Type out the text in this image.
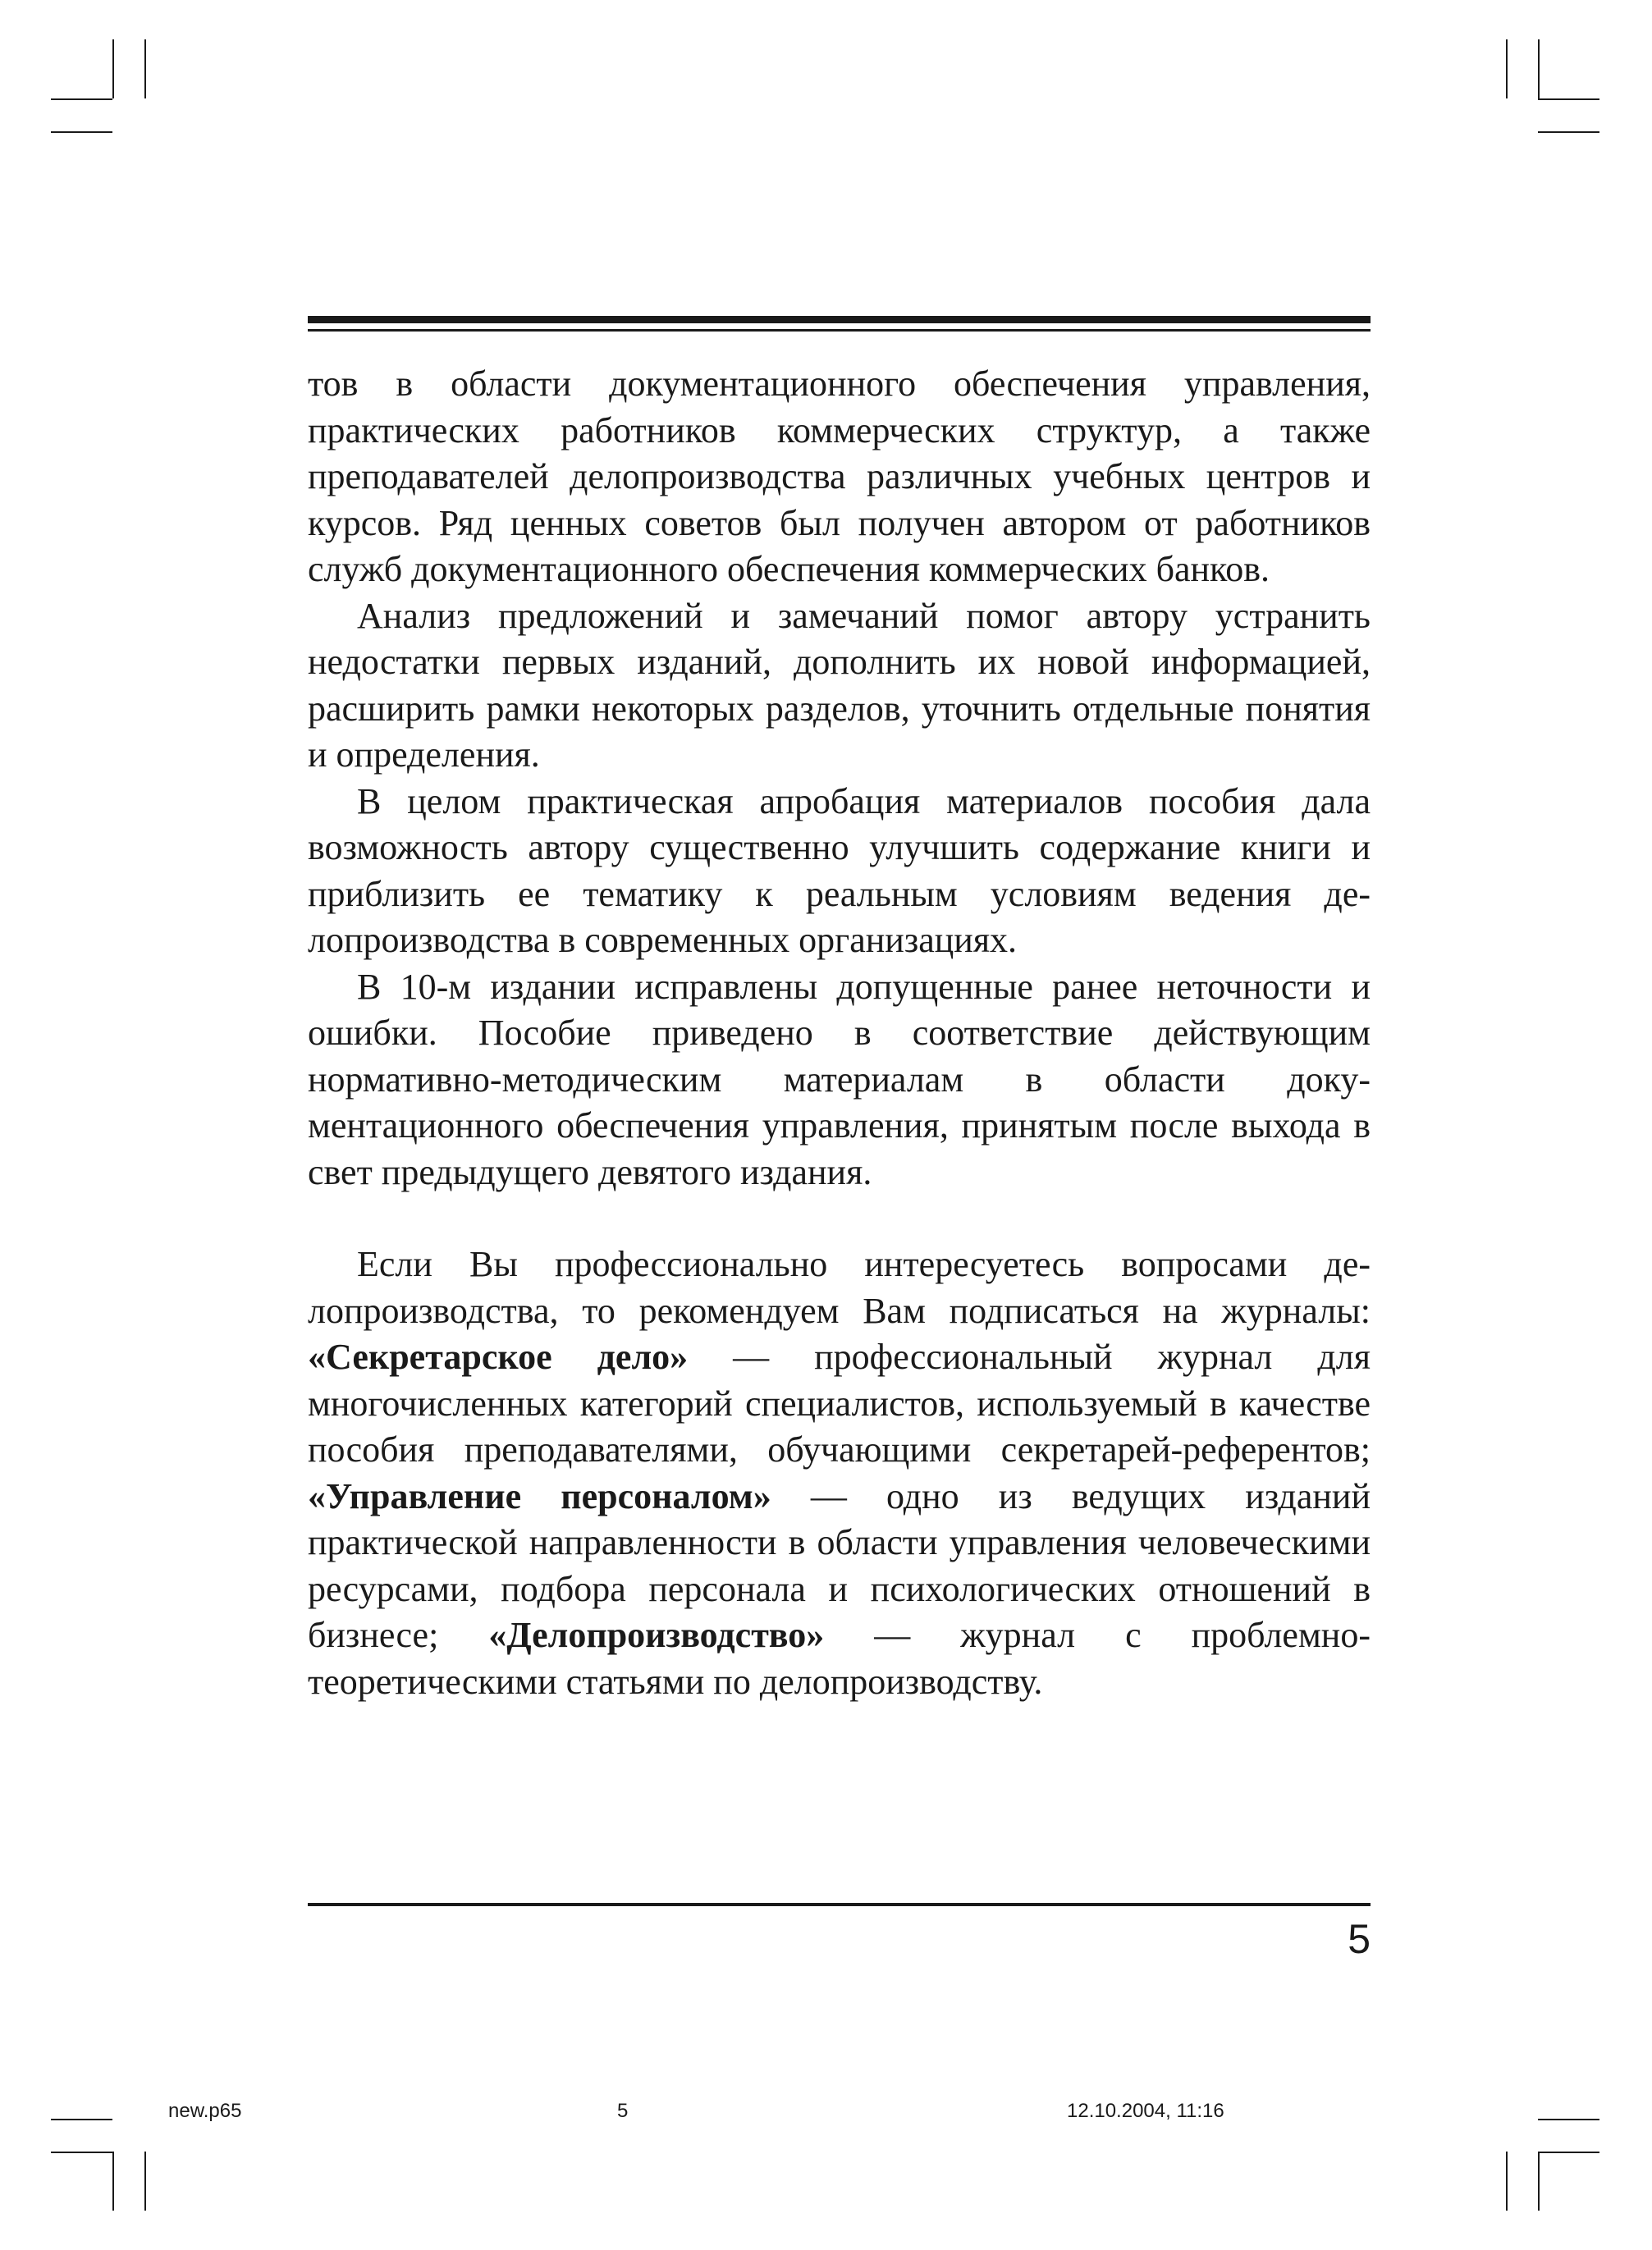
тов в области документационного обеспечения управления, практических работников коммерческих структур, а также преподавателей делопроизводства различных учебных центров и курсов. Ряд ценных советов был получен автором от работников служб документационного обеспечения коммерческих банков.

Анализ предложений и замечаний помог автору устранить недостатки первых изданий, дополнить их новой информацией, расширить рамки некоторых разделов, уточнить отдельные понятия и определения.

В целом практическая апробация материалов пособия дала возможность автору существенно улучшить содержание книги и приблизить ее тематику к реальным условиям ведения делопроизводства в современных организациях.

В 10-м издании исправлены допущенные ранее неточности и ошибки. Пособие приведено в соответствие действующим нормативно-методическим материалам в области документационного обеспечения управления, принятым после выхода в свет предыдущего девятого издания.

Если Вы профессионально интересуетесь вопросами делопроизводства, то рекомендуем Вам подписаться на журналы: «Секретарское дело» — профессиональный журнал для многочисленных категорий специалистов, используемый в качестве пособия преподавателями, обучающими секретарей-референтов; «Управление персоналом» — одно из ведущих изданий практической направленности в области управления человеческими ресурсами, подбора персонала и психологических отношений в бизнесе; «Делопроизводство» — журнал с проблемно-теоретическими статьями по делопроизводству.

5
new.p65	5	12.10.2004, 11:16
